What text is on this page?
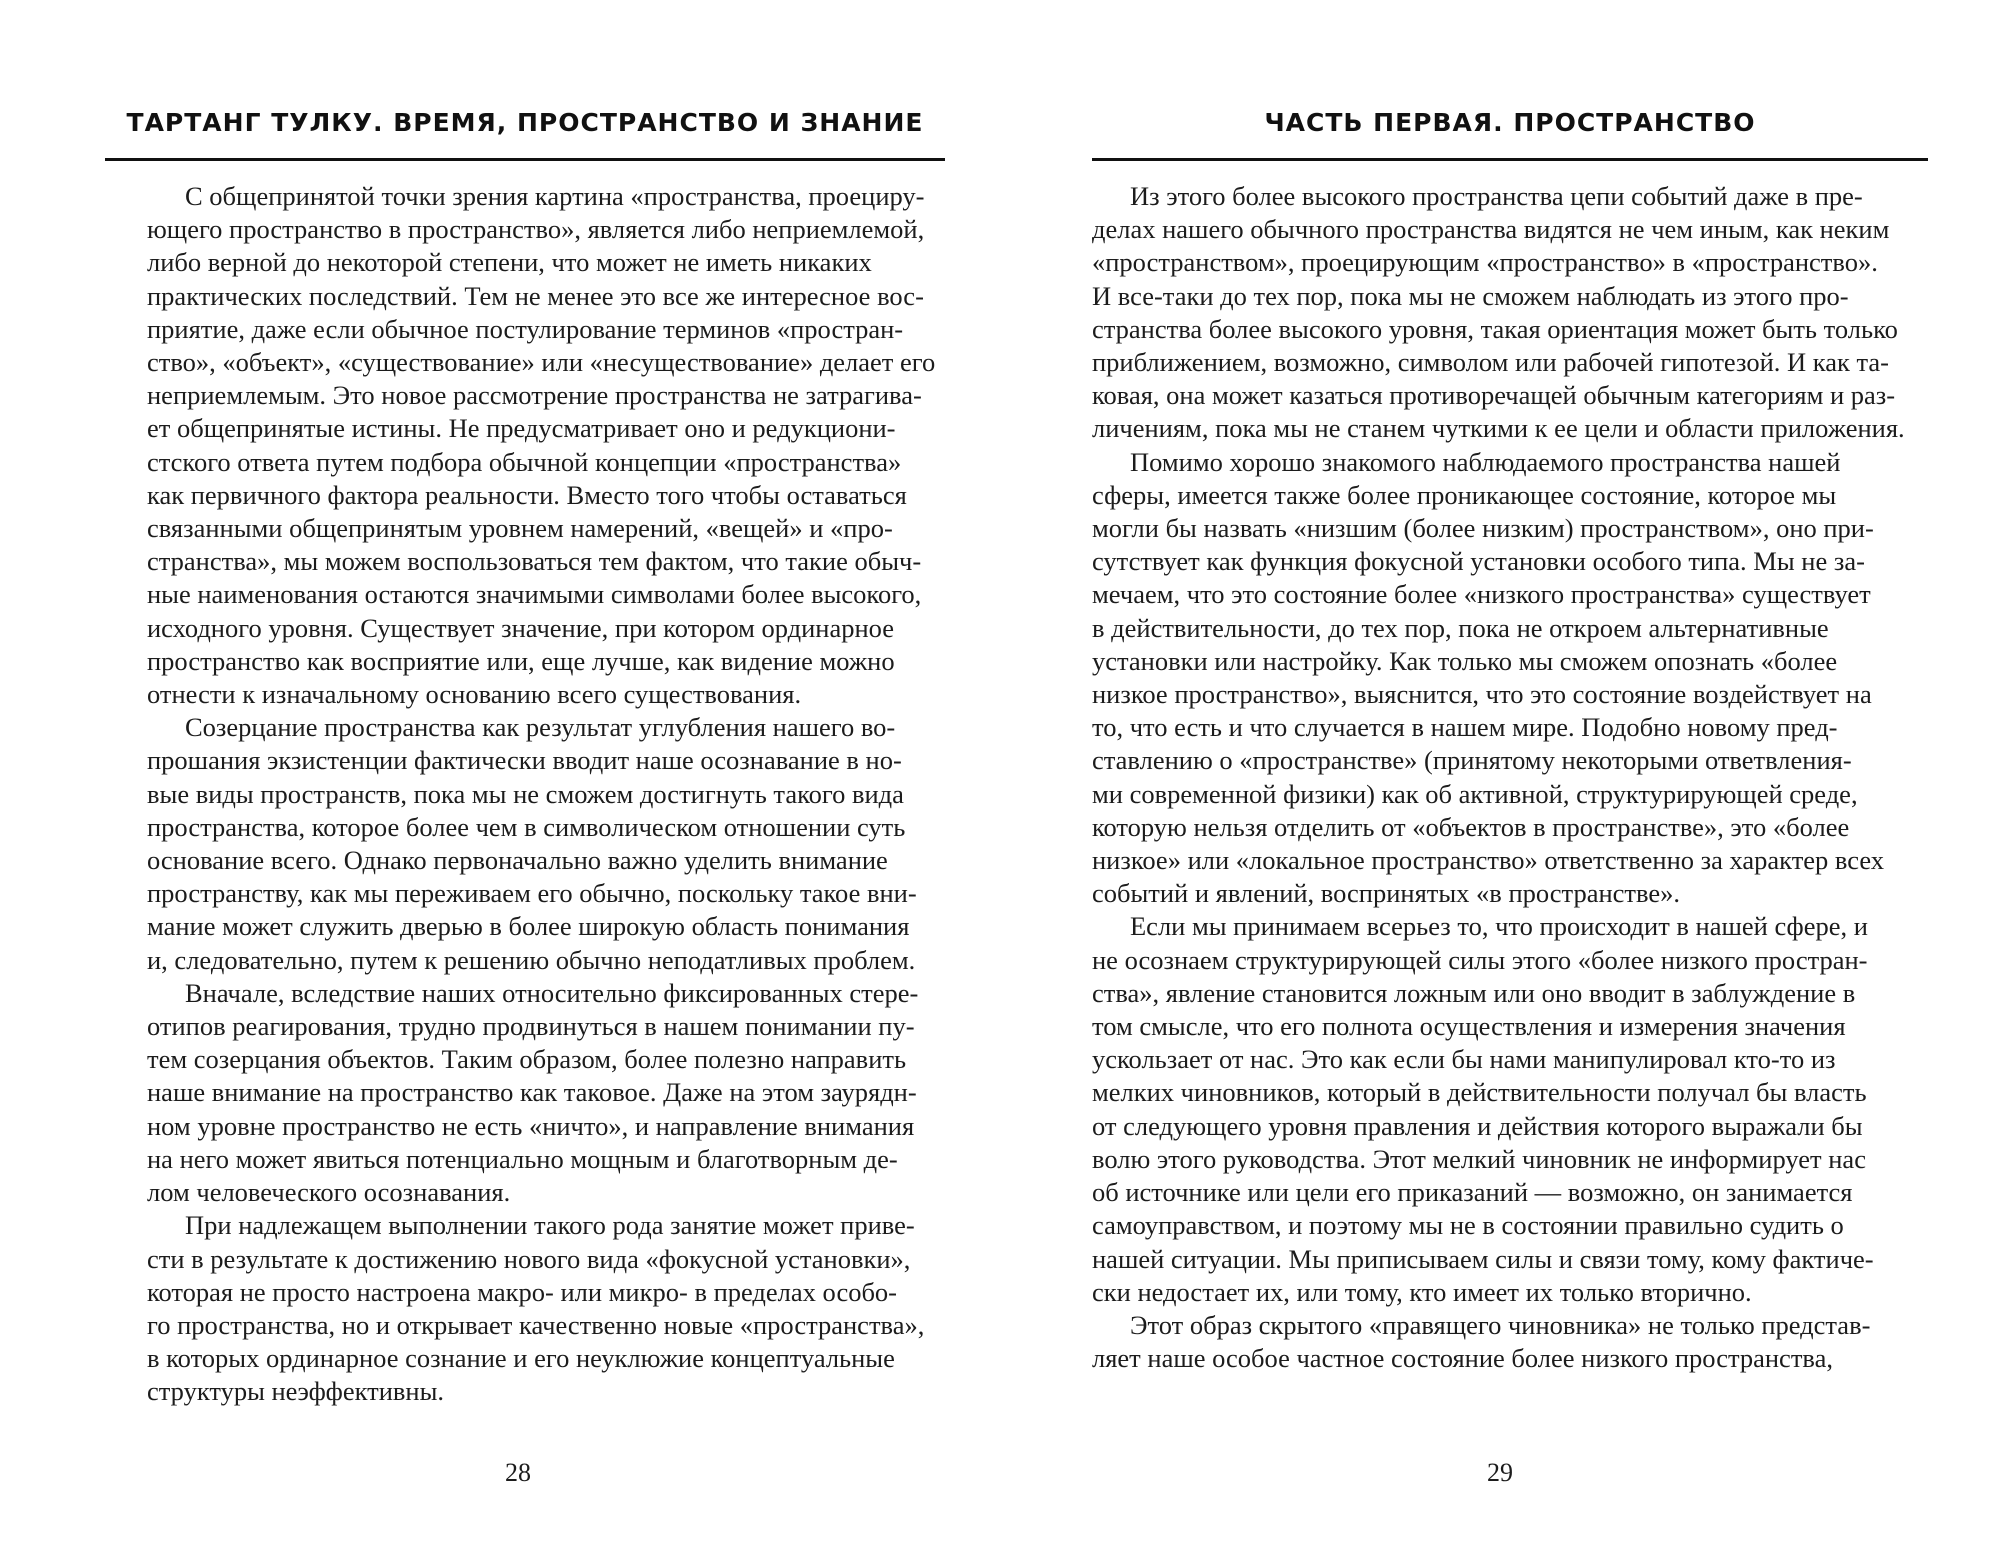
ТАРТАНГ ТУЛКУ. ВРЕМЯ, ПРОСТРАНСТВО И ЗНАНИЕ
С общепринятой точки зрения картина «пространства, проециру-
ющего пространство в пространство», является либо неприемлемой,
либо верной до некоторой степени, что может не иметь никаких
практических последствий. Тем не менее это все же интересное вос-
приятие, даже если обычное постулирование терминов «простран-
ство», «объект», «существование» или «несуществование» делает его
неприемлемым. Это новое рассмотрение пространства не затрагива-
ет общепринятые истины. Не предусматривает оно и редукциони-
стского ответа путем подбора обычной концепции «пространства»
как первичного фактора реальности. Вместо того чтобы оставаться
связанными общепринятым уровнем намерений, «вещей» и «про-
странства», мы можем воспользоваться тем фактом, что такие обыч-
ные наименования остаются значимыми символами более высокого,
исходного уровня. Существует значение, при котором ординарное
пространство как восприятие или, еще лучше, как видение можно
отнести к изначальному основанию всего существования.
Созерцание пространства как результат углубления нашего во-
прошания экзистенции фактически вводит наше осознавание в но-
вые виды пространств, пока мы не сможем достигнуть такого вида
пространства, которое более чем в символическом отношении суть
основание всего. Однако первоначально важно уделить внимание
пространству, как мы переживаем его обычно, поскольку такое вни-
мание может служить дверью в более широкую область понимания
и, следовательно, путем к решению обычно неподатливых проблем.
Вначале, вследствие наших относительно фиксированных стере-
отипов реагирования, трудно продвинуться в нашем понимании пу-
тем созерцания объектов. Таким образом, более полезно направить
наше внимание на пространство как таковое. Даже на этом заурядн-
ном уровне пространство не есть «ничто», и направление внимания
на него может явиться потенциально мощным и благотворным де-
лом человеческого осознавания.
При надлежащем выполнении такого рода занятие может приве-
сти в результате к достижению нового вида «фокусной установки»,
которая не просто настроена макро- или микро- в пределах особо-
го пространства, но и открывает качественно новые «пространства»,
в которых ординарное сознание и его неуклюжие концептуальные
структуры неэффективны.
28
ЧАСТЬ ПЕРВАЯ. ПРОСТРАНСТВО
Из этого более высокого пространства цепи событий даже в пре-
делах нашего обычного пространства видятся не чем иным, как неким
«пространством», проецирующим «пространство» в «пространство».
И все-таки до тех пор, пока мы не сможем наблюдать из этого про-
странства более высокого уровня, такая ориентация может быть только
приближением, возможно, символом или рабочей гипотезой. И как та-
ковая, она может казаться противоречащей обычным категориям и раз-
личениям, пока мы не станем чуткими к ее цели и области приложения.
Помимо хорошо знакомого наблюдаемого пространства нашей
сферы, имеется также более проникающее состояние, которое мы
могли бы назвать «низшим (более низким) пространством», оно при-
сутствует как функция фокусной установки особого типа. Мы не за-
мечаем, что это состояние более «низкого пространства» существует
в действительности, до тех пор, пока не откроем альтернативные
установки или настройку. Как только мы сможем опознать «более
низкое пространство», выяснится, что это состояние воздействует на
то, что есть и что случается в нашем мире. Подобно новому пред-
ставлению о «пространстве» (принятому некоторыми ответвления-
ми современной физики) как об активной, структурирующей среде,
которую нельзя отделить от «объектов в пространстве», это «более
низкое» или «локальное пространство» ответственно за характер всех
событий и явлений, воспринятых «в пространстве».
Если мы принимаем всерьез то, что происходит в нашей сфере, и
не осознаем структурирующей силы этого «более низкого простран-
ства», явление становится ложным или оно вводит в заблуждение в
том смысле, что его полнота осуществления и измерения значения
ускользает от нас. Это как если бы нами манипулировал кто-то из
мелких чиновников, который в действительности получал бы власть
от следующего уровня правления и действия которого выражали бы
волю этого руководства. Этот мелкий чиновник не информирует нас
об источнике или цели его приказаний — возможно, он занимается
самоуправством, и поэтому мы не в состоянии правильно судить о
нашей ситуации. Мы приписываем силы и связи тому, кому фактиче-
ски недостает их, или тому, кто имеет их только вторично.
Этот образ скрытого «правящего чиновника» не только представ-
ляет наше особое частное состояние более низкого пространства,
29
